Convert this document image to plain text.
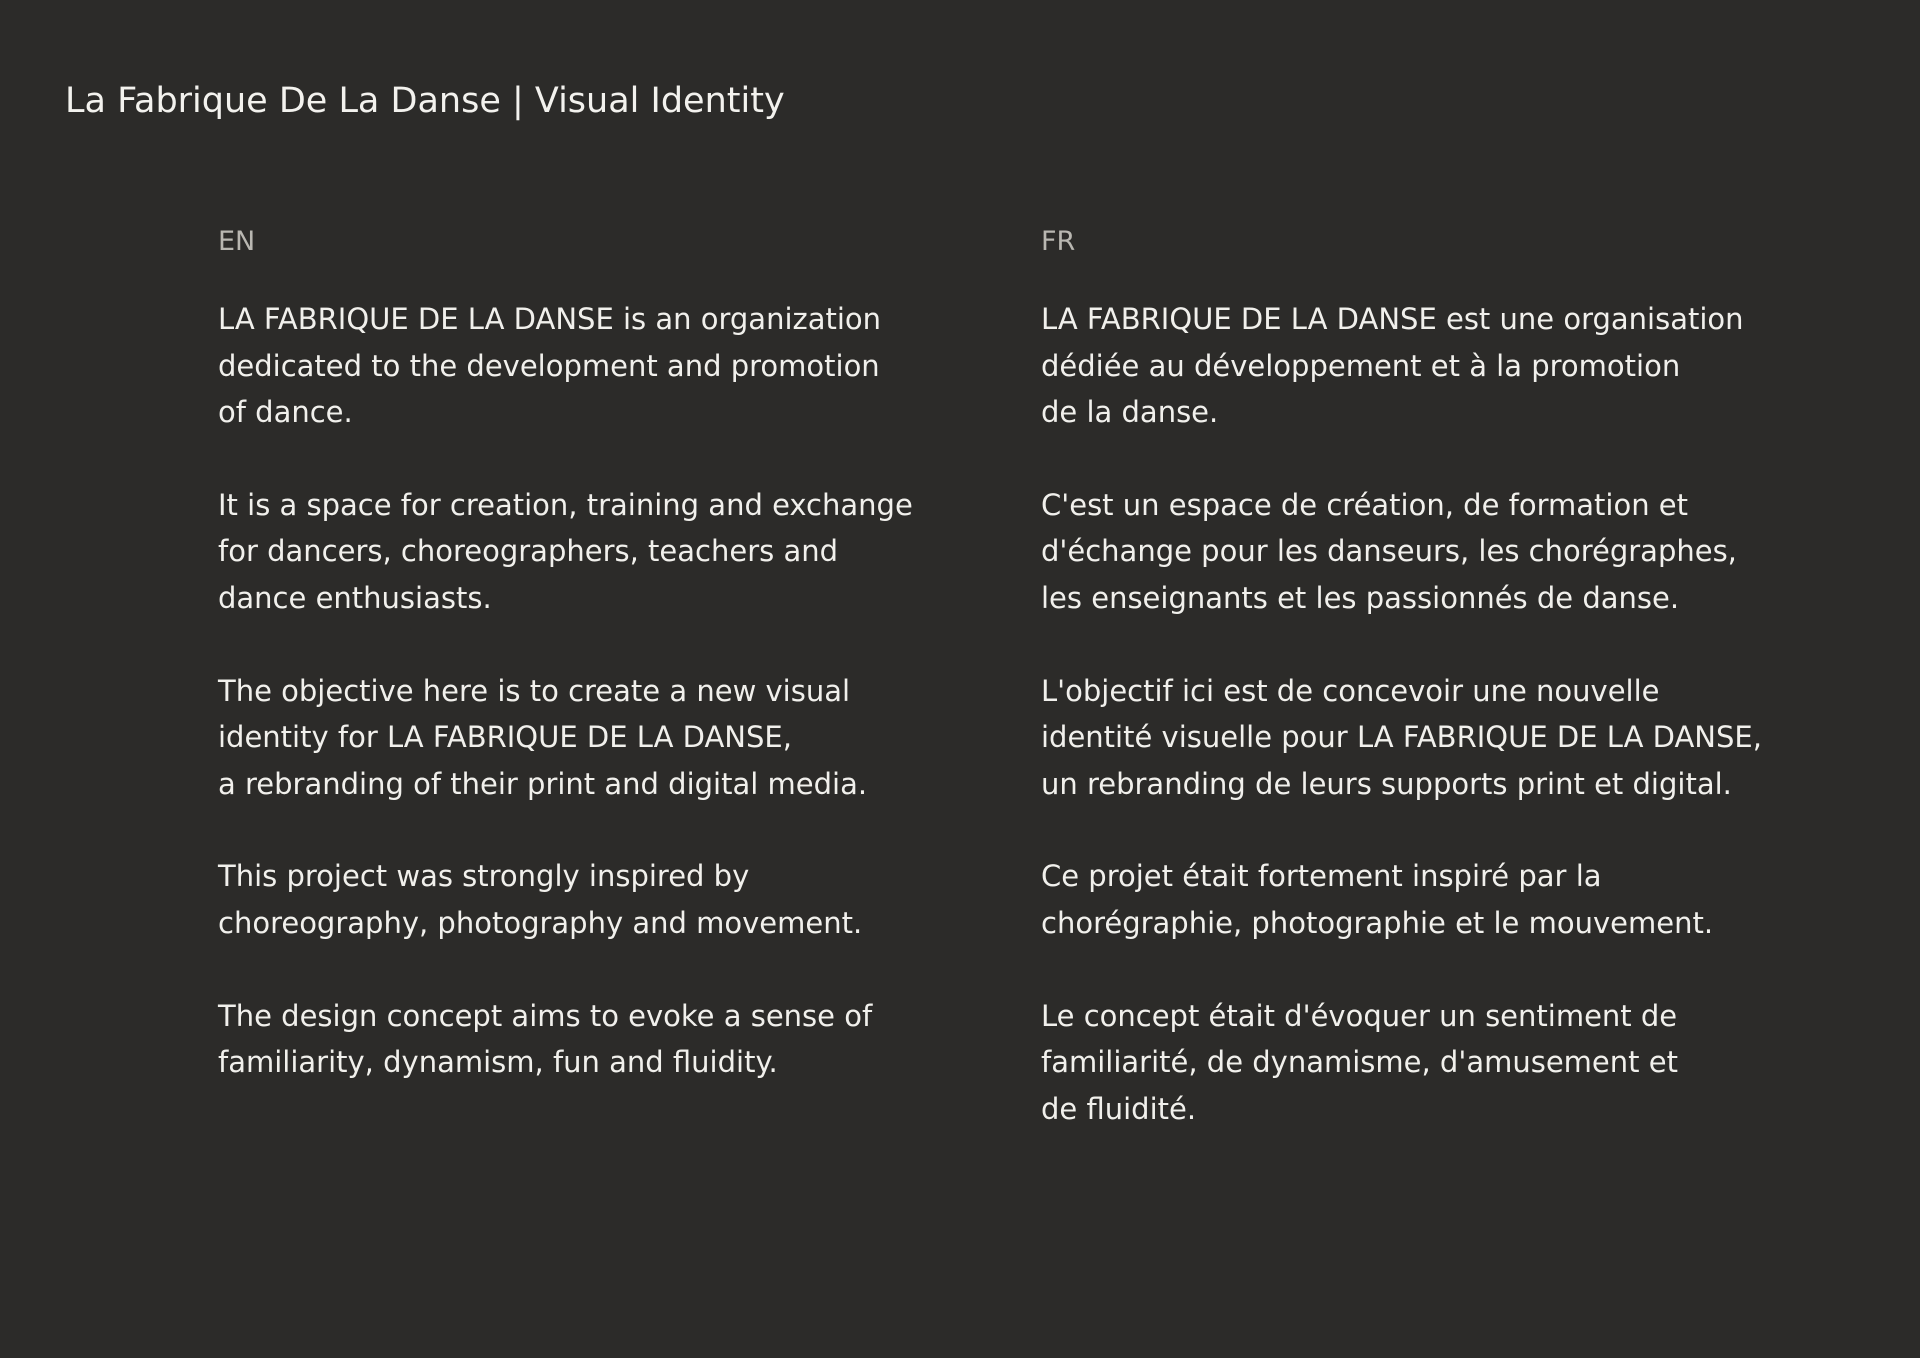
La Fabrique De La Danse | Visual Identity
EN
LA FABRIQUE DE LA DANSE is an organization
dedicated to the development and promotion
of dance.
It is a space for creation, training and exchange
for dancers, choreographers, teachers and
dance enthusiasts.
The objective here is to create a new visual
identity for LA FABRIQUE DE LA DANSE,
a rebranding of their print and digital media.
This project was strongly inspired by
choreography, photography and movement.
The design concept aims to evoke a sense of
familiarity, dynamism, fun and fluidity.
FR
LA FABRIQUE DE LA DANSE est une organisation
dédiée au développement et à la promotion
de la danse.
C'est un espace de création, de formation et
d'échange pour les danseurs, les chorégraphes,
les enseignants et les passionnés de danse.
L'objectif ici est de concevoir une nouvelle
identité visuelle pour LA FABRIQUE DE LA DANSE,
un rebranding de leurs supports print et digital.
Ce projet était fortement inspiré par la
chorégraphie, photographie et le mouvement.
Le concept était d'évoquer un sentiment de
familiarité, de dynamisme, d'amusement et
de fluidité.
